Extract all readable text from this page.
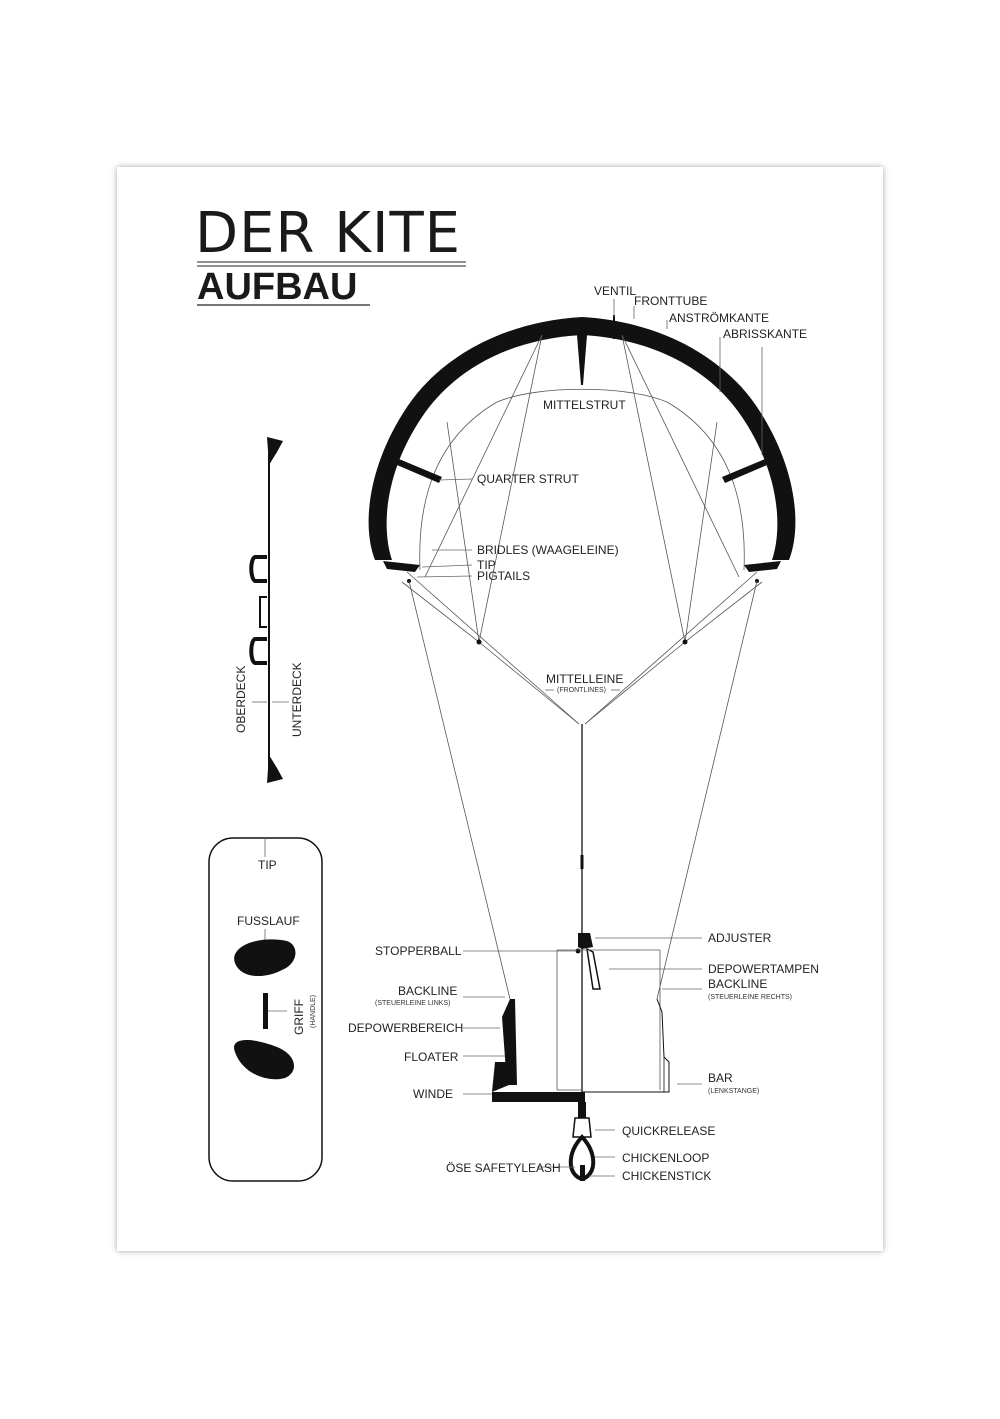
DER KITE
AUFBAU	VENTIL
FRONTTUBE
ANSTRÖMKANTE
ABRISSKANTE
MITTELSTRUT
QUARTER STRUT
BRIDLES (WAAGELEINE)
TIP
PIGTAILS
MITTELLEINE
(FRONTLINES)
STOPPERBALL
BACKLINE
(STEUERLEINE LINKS)
DEPOWERBEREICH
FLOATER
WINDE
ÖSE SAFETYLEASH
ADJUSTER
DEPOWERTAMPEN
BACKLINE
(STEUERLEINE RECHTS)
BAR
(LENKSTANGE)
QUICKRELEASE
CHICKENLOOP
CHICKENSTICK
OBERDECK	UNTERDECK
TIP
FUSSLAUF
GRIFF (HANDLE)
